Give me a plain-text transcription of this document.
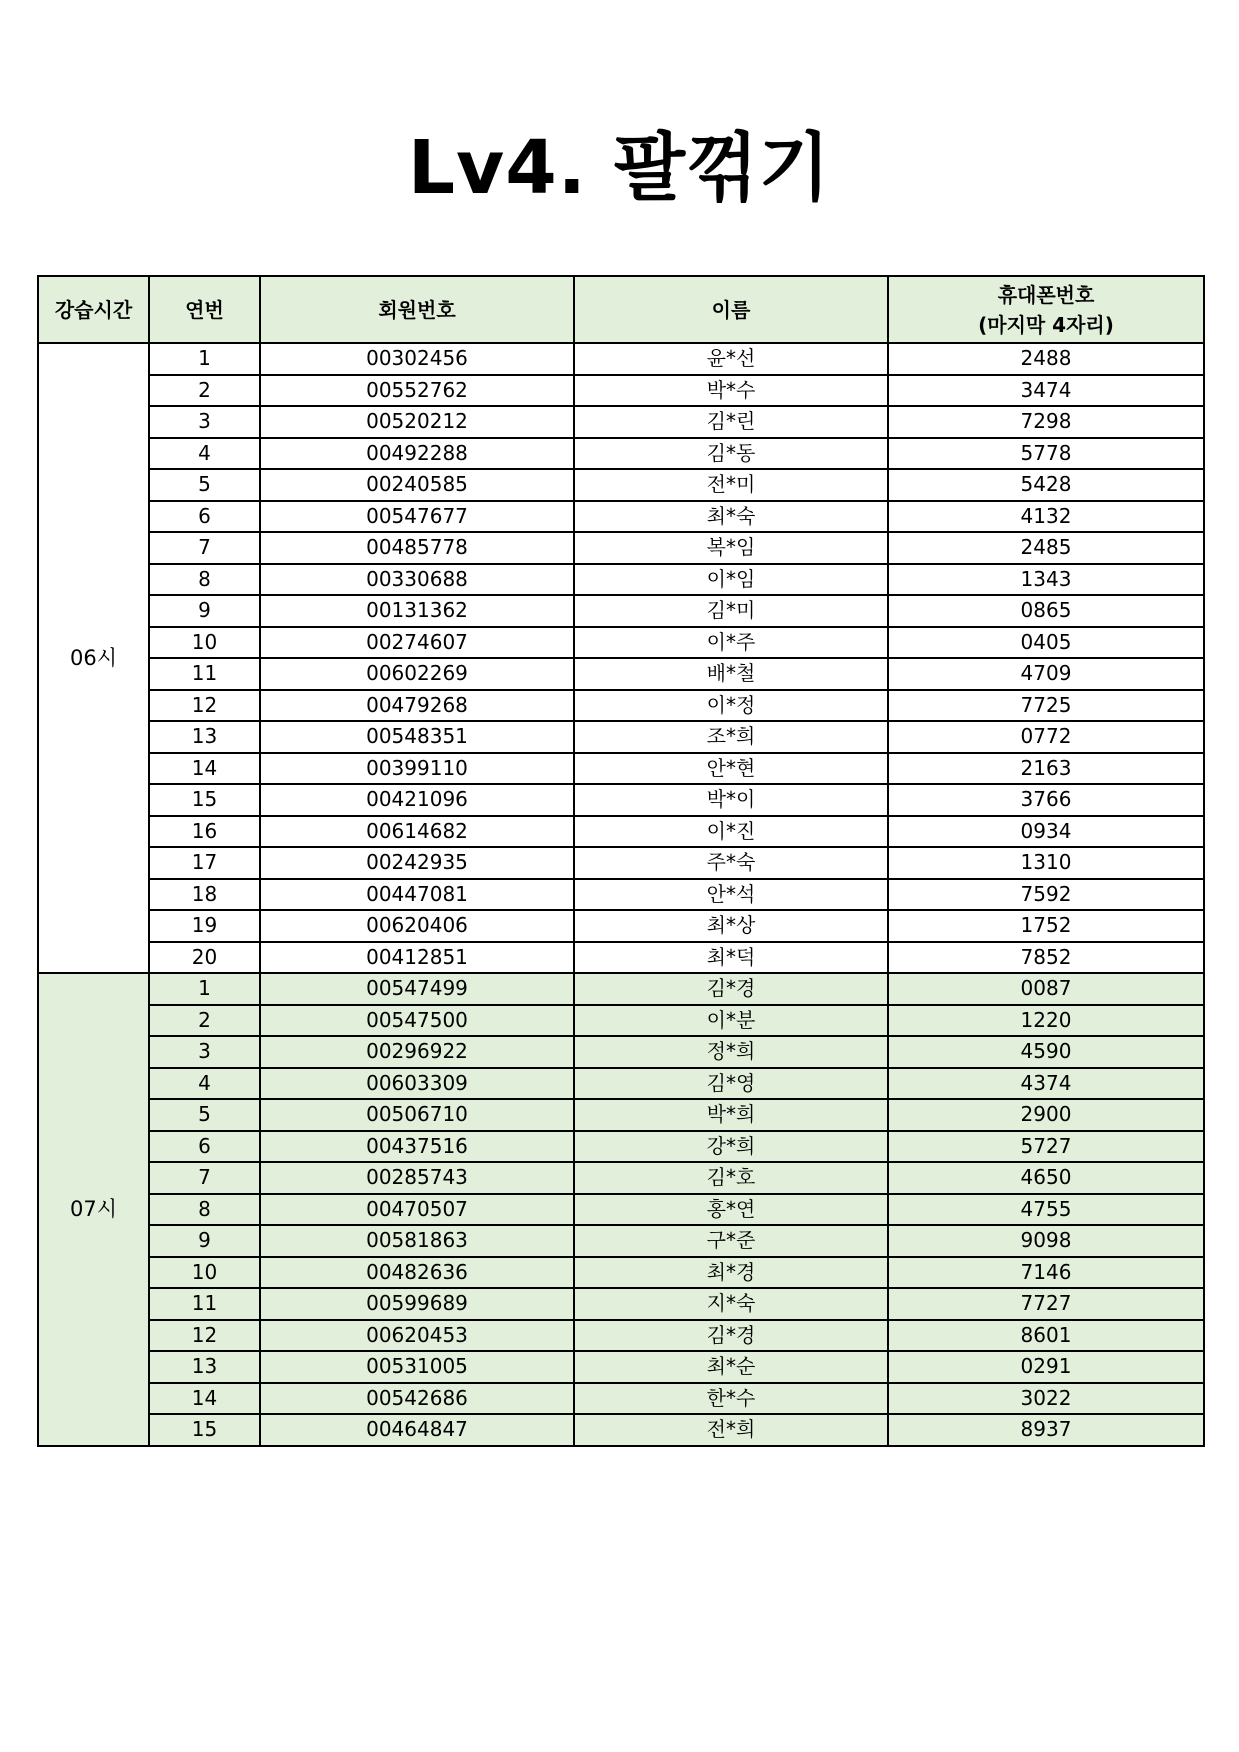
Lv4. 팔꺾기
강습시간	연번	회원번호	이름	휴대폰번호
(마지막 4자리)

06시	1	00302456	윤*선	2488
	2	00552762	박*수	3474
	3	00520212	김*린	7298
	4	00492288	김*동	5778
	5	00240585	전*미	5428
	6	00547677	최*숙	4132
	7	00485778	복*임	2485
	8	00330688	이*임	1343
	9	00131362	김*미	0865
	10	00274607	이*주	0405
	11	00602269	배*철	4709
	12	00479268	이*정	7725
	13	00548351	조*희	0772
	14	00399110	안*현	2163
	15	00421096	박*이	3766
	16	00614682	이*진	0934
	17	00242935	주*숙	1310
	18	00447081	안*석	7592
	19	00620406	최*상	1752
	20	00412851	최*덕	7852
07시	1	00547499	김*경	0087
	2	00547500	이*분	1220
	3	00296922	정*희	4590
	4	00603309	김*영	4374
	5	00506710	박*희	2900
	6	00437516	강*희	5727
	7	00285743	김*호	4650
	8	00470507	홍*연	4755
	9	00581863	구*준	9098
	10	00482636	최*경	7146
	11	00599689	지*숙	7727
	12	00620453	김*경	8601
	13	00531005	최*순	0291
	14	00542686	한*수	3022
	15	00464847	전*희	8937
